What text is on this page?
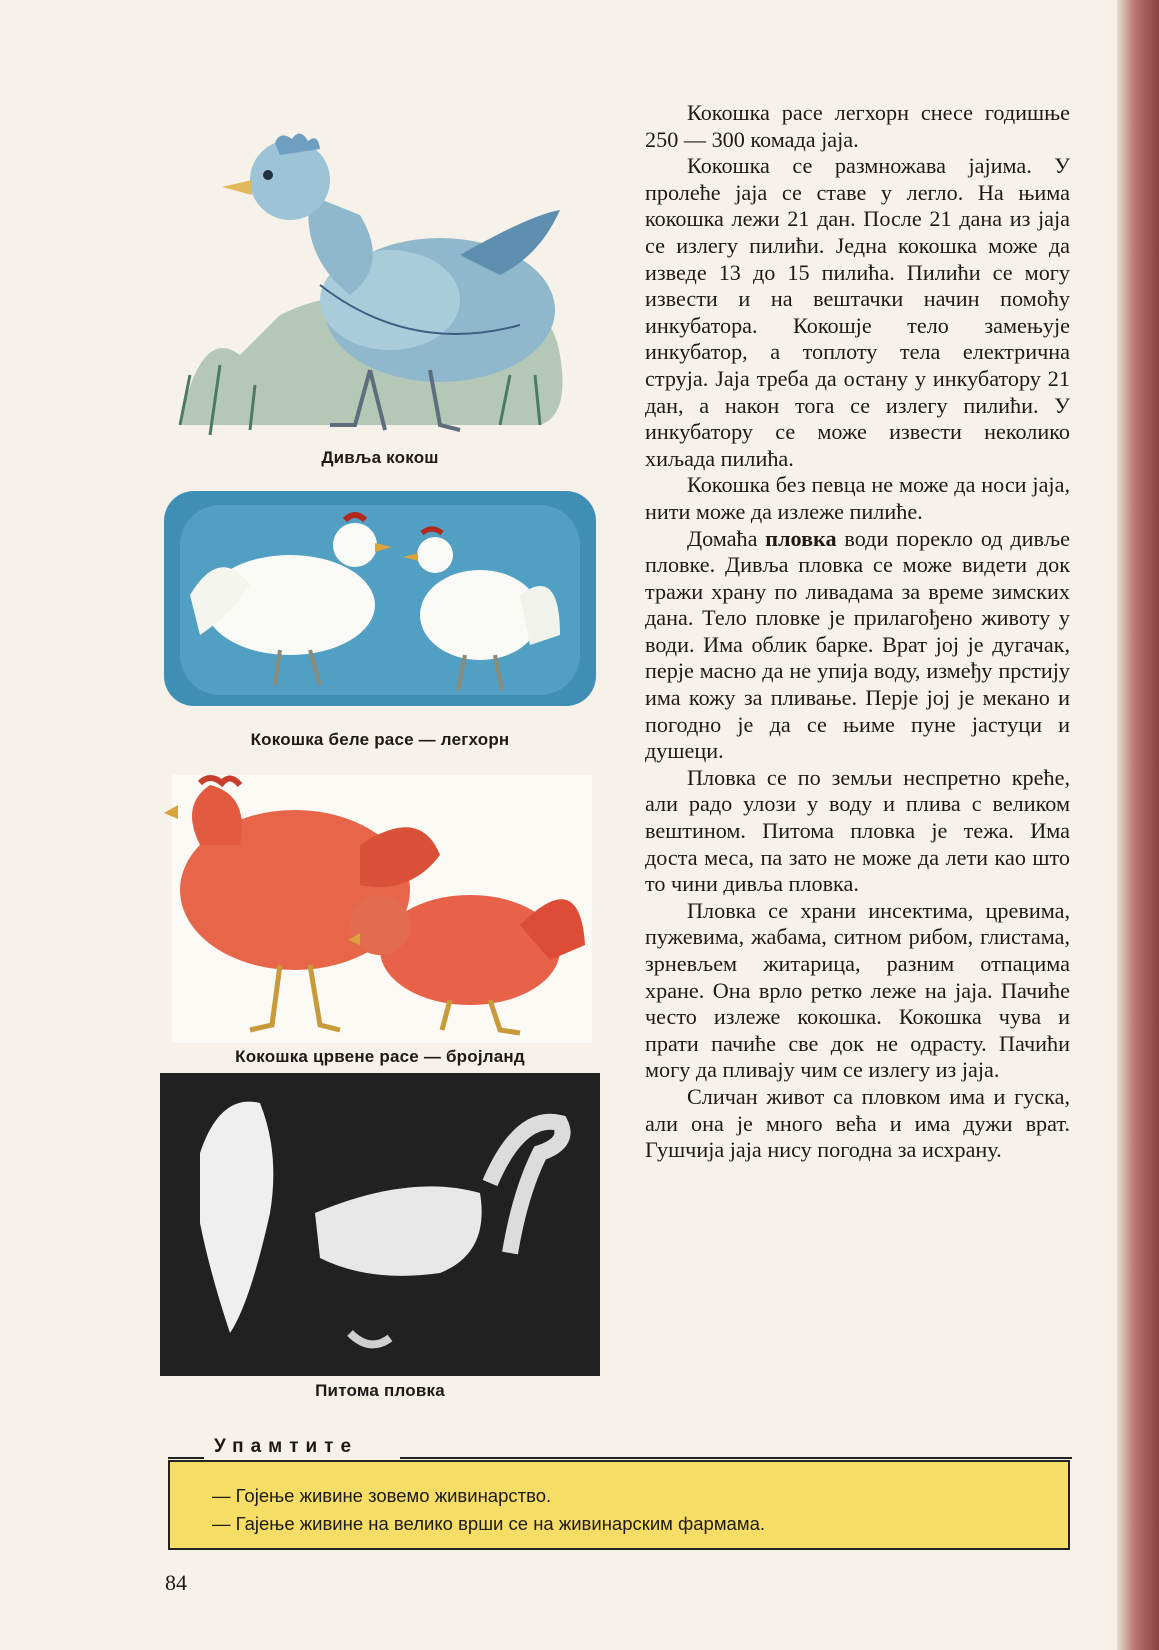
Дивља кокош
Кокошка беле расе — легхорн
Кокошка црвене расе — бројланд
Питома пловка

Кокошка расе легхорн снесе годишње 250 — 300 комада јаја.

Кокошка се размножава јајима. У пролеће јаја се ставе у легло. На њима кокошка лежи 21 дан. После 21 дана из јаја се излегу пилићи. Једна кокошка може да изведе 13 до 15 пилића. Пилићи се могу извести и на вештачки начин помоћу инкубатора. Кокошје тело замењује инкубатор, а топлоту тела електрична струја. Јаја треба да остану у инкубатору 21 дан, а након тога се излегу пилићи. У инкубатору се може извести неколико хиљада пилића.

Кокошка без певца не може да носи јаја, нити може да излеже пилиће.

Домаћа пловка води порекло од дивље пловке. Дивља пловка се може видети док тражи храну по ливадама за време зимских дана. Тело пловке је прилагођено животу у води. Има облик барке. Врат јој је дугачак, перје масно да не упија воду, између прстију има кожу за пливање. Перје јој је мекано и погодно је да се њиме пуне јастуци и душеци.

Пловка се по земљи неспретно креће, али радо улози у воду и плива с великом вештином. Питома пловка је тежа. Има доста меса, па зато не може да лети као што то чини дивља пловка.

Пловка се храни инсектима, цревима, пужевима, жабама, ситном рибом, глистама, зрневљем житарица, разним отпацима хране. Она врло ретко леже на јаја. Пачиће често излеже кокошка. Кокошка чува и прати пачиће све док не одрасту. Пачићи могу да пливају чим се излегу из јаја.

Сличан живот са пловком има и гуска, али она је много већа и има дужи врат. Гушчија јаја нису погодна за исхрану.

Упамтите
— Гојење живине зовемо живинарство.
— Гајење живине на велико врши се на живинарским фармама.
84
